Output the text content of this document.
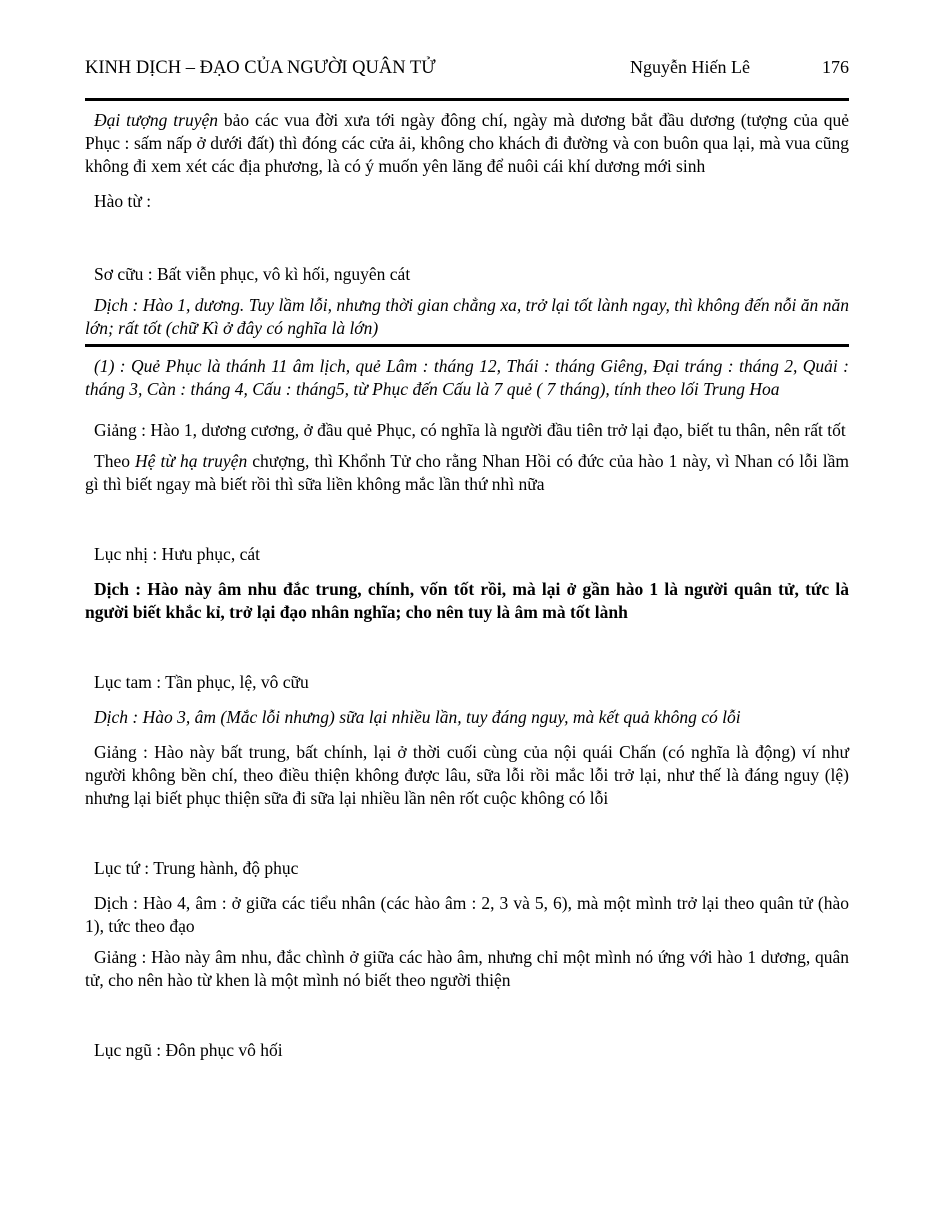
KINH DỊCH – ĐẠO CỦA NGƯỜI QUÂN TỬ	Nguyễn Hiến Lê	176

Đại tượng truyện bảo các vua đời xưa tới ngày đông chí, ngày mà dương bắt đầu dương (tượng của quẻ Phục : sấm nấp ở dưới đất) thì đóng các cửa ải, không cho khách đi đường và con buôn qua lại, mà vua cũng không đi xem xét các địa phương, là có ý muốn yên lăng để nuôi cái khí dương mới sinh

Hào từ :

Sơ cữu : Bất viễn phục, vô kì hối, nguyên cát

Dịch : Hào 1, dương. Tuy lầm lỗi, nhưng thời gian chẳng xa, trở lại tốt lành ngay, thì không đến nỗi ăn năn lớn; rất tốt (chữ Kì ở đây có nghĩa là lớn)

(1) : Quẻ Phục là thánh 11 âm lịch, quẻ Lâm : tháng 12, Thái : tháng Giêng, Đại tráng : tháng 2, Quải : tháng 3, Càn : tháng 4, Cấu : tháng5, từ Phục đến Cấu là 7 quẻ ( 7 tháng), tính theo lối Trung Hoa

Giảng : Hào 1, dương cương, ở đầu quẻ Phục, có nghĩa là người đầu tiên trở lại đạo, biết tu thân, nên rất tốt

Theo Hệ từ hạ truyện chượng, thì Khổnh Tử cho rằng Nhan Hồi có đức của hào 1 này, vì Nhan có lỗi lầm gì thì biết ngay mà biết rồi thì sữa liền không mắc lần thứ nhì nữa

Lục nhị : Hưu phục, cát

Dịch : Hào này âm nhu đắc trung, chính, vốn tốt rồi, mà lại ở gần hào 1 là người quân tử, tức là người biết khắc kỉ, trở lại đạo nhân nghĩa; cho nên tuy là âm mà tốt lành

Lục tam : Tần phục, lệ, vô cữu

Dịch : Hào 3, âm (Mắc lỗi nhưng) sữa lại nhiều lần, tuy đáng nguy, mà kết quả không có lỗi

Giảng : Hào này bất trung, bất chính, lại ở thời cuối cùng của nội quái Chấn (có nghĩa là động) ví như người không bền chí, theo điều thiện không được lâu, sữa lỗi rồi mắc lỗi trở lại, như thế là đáng nguy (lệ) nhưng lại biết phục thiện sữa đi sữa lại nhiều lần nên rốt cuộc không có lỗi

Lục tứ : Trung hành, độ phục

Dịch : Hào 4, âm : ở giữa các tiểu nhân (các hào âm : 2, 3 và 5, 6), mà một mình trở lại theo quân tử (hào 1), tức theo đạo

Giảng : Hào này âm nhu, đắc chình ở giữa các hào âm, nhưng chỉ một mình nó ứng với hào 1 dương, quân tử, cho nên hào từ khen là một mình nó biết theo người thiện

Lục ngũ : Đôn phục vô hối
